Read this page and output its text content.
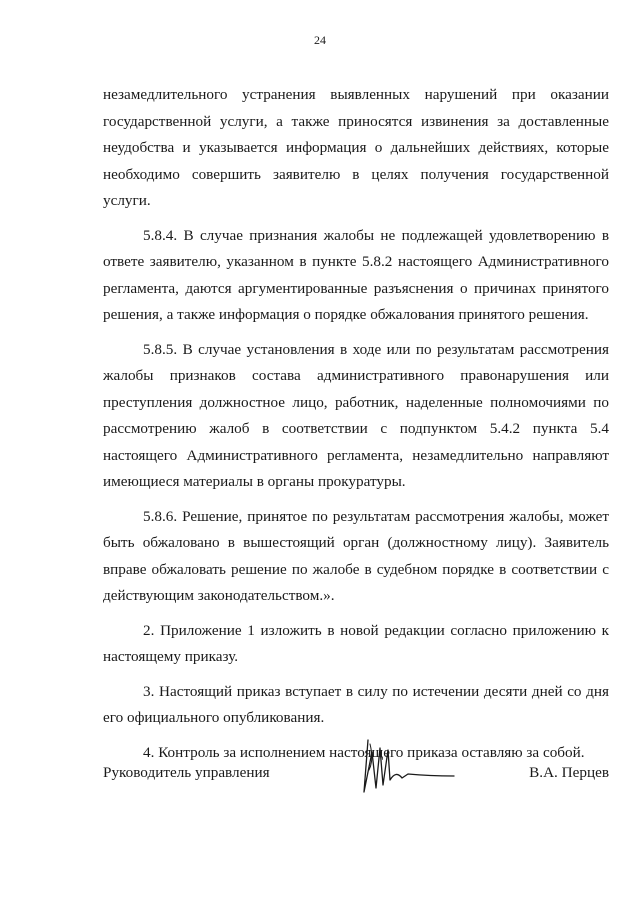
24

незамедлительного устранения выявленных нарушений при оказании государственной услуги, а также приносятся извинения за доставленные неудобства и указывается информация о дальнейших действиях, которые необходимо совершить заявителю в целях получения государственной услуги.

5.8.4. В случае признания жалобы не подлежащей удовлетворению в ответе заявителю, указанном в пункте 5.8.2 настоящего Административного регламента, даются аргументированные разъяснения о причинах принятого решения, а также информация о порядке обжалования принятого решения.

5.8.5. В случае установления в ходе или по результатам рассмотрения жалобы признаков состава административного правонарушения или преступления должностное лицо, работник, наделенные полномочиями по рассмотрению жалоб в соответствии с подпунктом 5.4.2 пункта 5.4 настоящего Административного регламента, незамедлительно направляют имеющиеся материалы в органы прокуратуры.

5.8.6. Решение, принятое по результатам рассмотрения жалобы, может быть обжаловано в вышестоящий орган (должностному лицу). Заявитель вправе обжаловать решение по жалобе в судебном порядке в соответствии с действующим законодательством.».

2. Приложение 1 изложить в новой редакции согласно приложению к настоящему приказу.

3. Настоящий приказ вступает в силу по истечении десяти дней со дня его официального опубликования.

4. Контроль за исполнением настоящего приказа оставляю за собой.

Руководитель управления	В.А. Перцев
